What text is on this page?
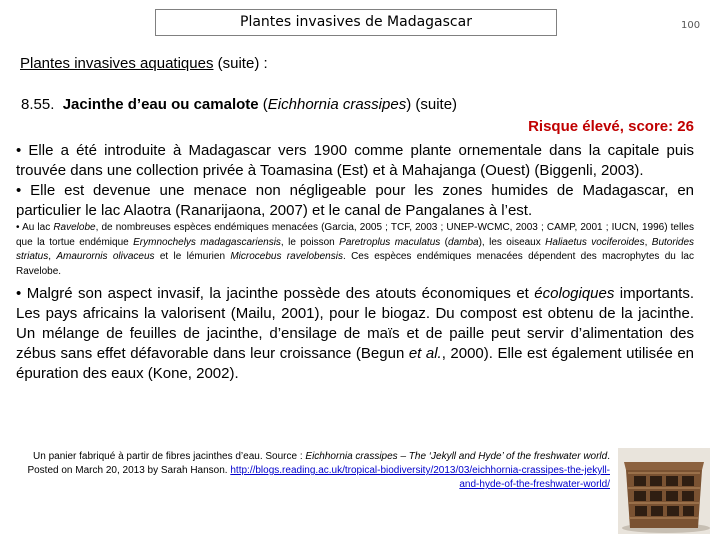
Plantes invasives de Madagascar	100
Plantes invasives aquatiques (suite) :
8.55. Jacinthe d’eau ou camalote (Eichhornia crassipes) (suite)
Risque élevé, score: 26

• Elle a été introduite à Madagascar vers 1900 comme plante ornementale dans la capitale puis trouvée dans une collection privée à Toamasina (Est) et à Mahajanga (Ouest) (Biggenli, 2003).

• Elle est devenue une menace non négligeable pour les zones humides de Madagascar, en particulier le lac Alaotra (Ranarijaona, 2007) et le canal de Pangalanes à l’est.

• Au lac Ravelobe, de nombreuses espèces endémiques menacées (Garcia, 2005 ; TCF, 2003 ; UNEP-WCMC, 2003 ; CAMP, 2001 ; IUCN, 1996) telles que la tortue endémique Erymnochelys madagascariensis, le poisson Paretroplus maculatus (damba), les oiseaux Haliaetus vociferoides, Butorides striatus, Amaurornis olivaceus et le lémurien Microcebus ravelobensis. Ces espèces endémiques menacées dépendent des macrophytes du lac Ravelobe.

• Malgré son aspect invasif, la jacinthe possède des atouts économiques et écologiques importants. Les pays africains la valorisent (Mailu, 2001), pour le biogaz. Du compost est obtenu de la jacinthe. Un mélange de feuilles de jacinthe, d’ensilage de maïs et de paille peut servir d’alimentation des zébus sans effet défavorable dans leur croissance (Begun et al., 2000). Elle est également utilisée en épuration des eaux (Kone, 2002).

Un panier fabriqué à partir de fibres jacinthes d’eau. Source : Eichhornia crassipes – The ‘Jekyll and Hyde’ of the freshwater world. Posted on March 20, 2013 by Sarah Hanson. http://blogs.reading.ac.uk/tropical-biodiversity/2013/03/eichhornia-crassipes-the-jekyll-and-hyde-of-the-freshwater-world/
